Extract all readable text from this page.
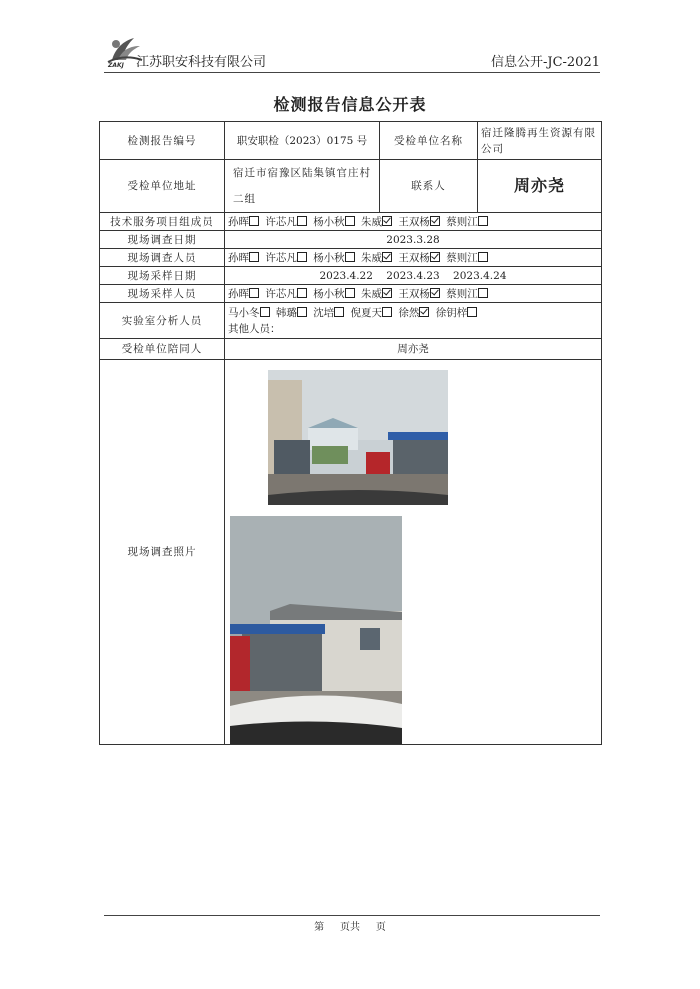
ZAKJ 江苏职安科技有限公司	信息公开-JC-2021
检测报告信息公开表
检测报告编号	职安职检（2023）0175 号	受检单位名称	宿迁隆腾再生资源有限公司
受检单位地址	宿迁市宿豫区陆集镇官庄村二组	联系人	周亦尧
技术服务项目组成员	孙晖 许芯凡 杨小秋 朱威 王双杨 蔡则江		
现场调查日期	2023.3.28		
现场调查人员	孙晖 许芯凡 杨小秋 朱威 王双杨 蔡则江		
现场采样日期	2023.4.22    2023.4.23    2023.4.24		
现场采样人员	孙晖 许芯凡 杨小秋 朱威 王双杨 蔡则江		
实验室分析人员	马小冬 韩璐 沈培 倪夏天 徐然 徐钥梓
其他人员：		

受检单位陪同人	周亦尧		
现场调查照片			
第     页共     页
